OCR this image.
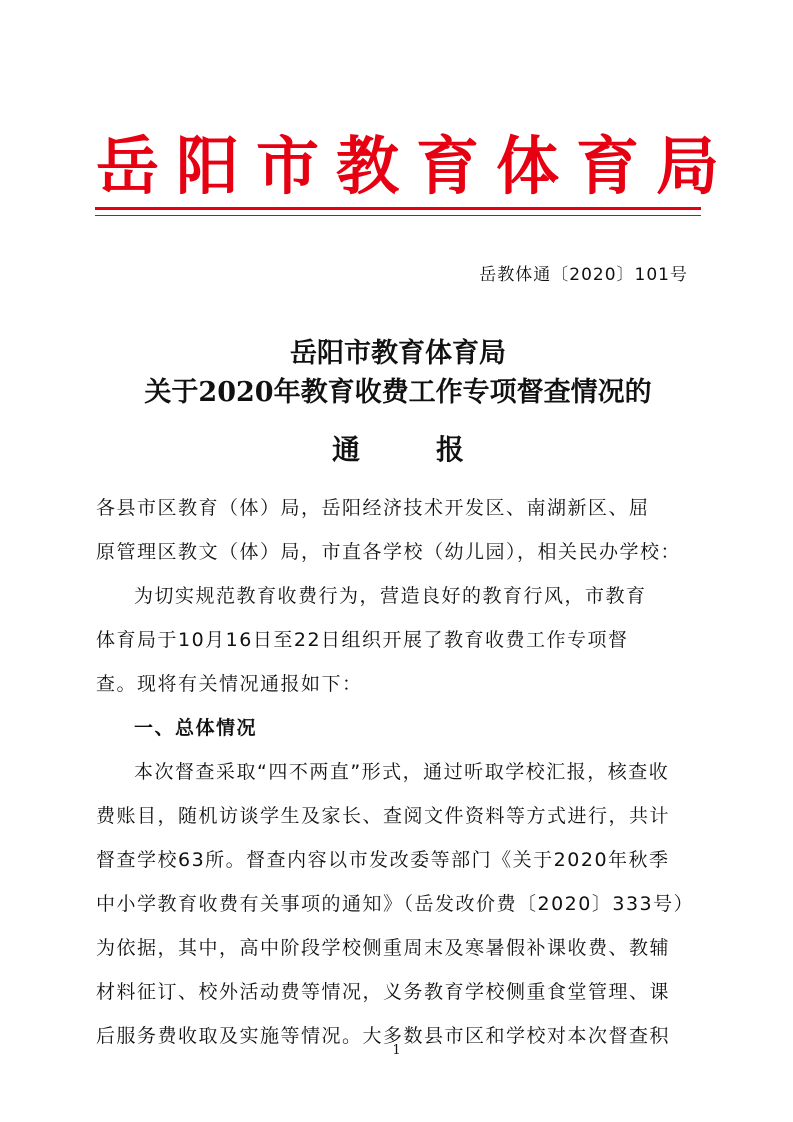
岳阳市教育体育局
岳教体通〔2020〕101号
岳阳市教育体育局
关于2020年教育收费工作专项督查情况的
通报

各县市区教育（体）局，岳阳经济技术开发区、南湖新区、屈

原管理区教文（体）局，市直各学校（幼儿园），相关民办学校：

为切实规范教育收费行为，营造良好的教育行风，市教育

体育局于10月16日至22日组织开展了教育收费工作专项督

查。现将有关情况通报如下：

一、总体情况

本次督查采取“四不两直”形式，通过听取学校汇报，核查收

费账目，随机访谈学生及家长、查阅文件资料等方式进行，共计

督查学校63所。督查内容以市发改委等部门《关于2020年秋季

中小学教育收费有关事项的通知》（岳发改价费〔2020〕333号）

为依据，其中，高中阶段学校侧重周末及寒暑假补课收费、教辅

材料征订、校外活动费等情况，义务教育学校侧重食堂管理、课

后服务费收取及实施等情况。大多数县市区和学校对本次督查积

1
